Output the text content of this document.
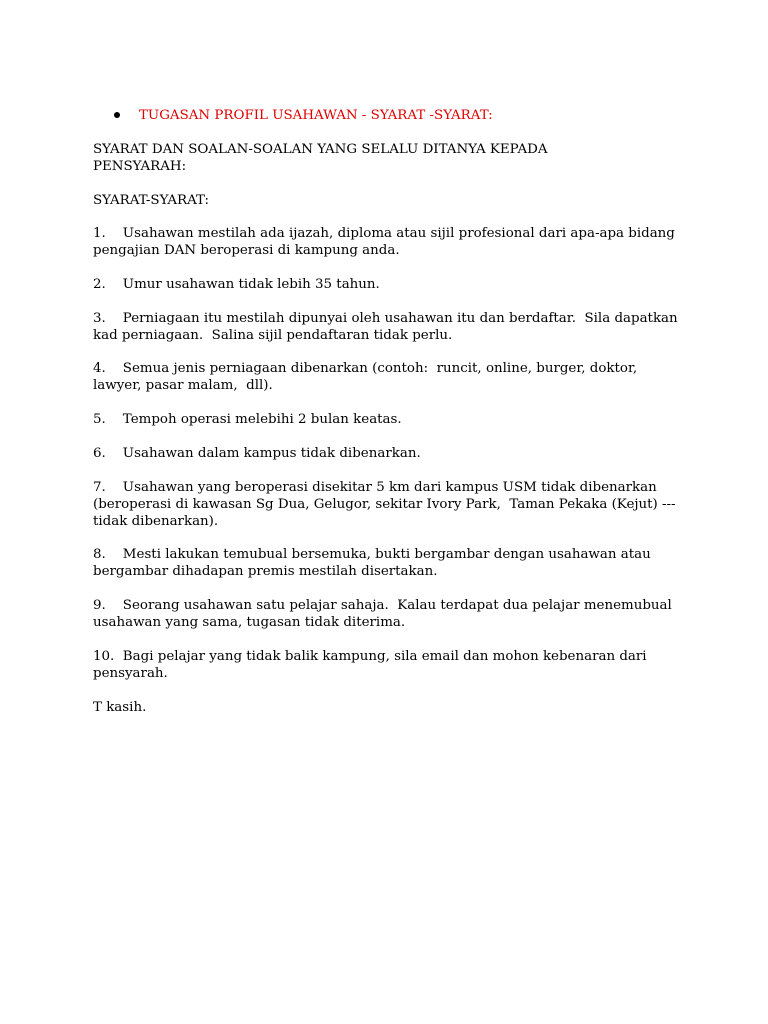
TUGASAN PROFIL USAHAWAN - SYARAT -SYARAT:
SYARAT DAN SOALAN-SOALAN YANG SELALU DITANYA KEPADA
PENSYARAH:
SYARAT-SYARAT:
1.    Usahawan mestilah ada ijazah, diploma atau sijil profesional dari apa-apa bidang
pengajian DAN beroperasi di kampung anda.
2.    Umur usahawan tidak lebih 35 tahun.
3.    Perniagaan itu mestilah dipunyai oleh usahawan itu dan berdaftar.  Sila dapatkan
kad perniagaan.  Salina sijil pendaftaran tidak perlu.
4.    Semua jenis perniagaan dibenarkan (contoh:  runcit, online, burger, doktor,
lawyer, pasar malam,  dll).
5.    Tempoh operasi melebihi 2 bulan keatas.
6.    Usahawan dalam kampus tidak dibenarkan.
7.    Usahawan yang beroperasi disekitar 5 km dari kampus USM tidak dibenarkan
(beroperasi di kawasan Sg Dua, Gelugor, sekitar Ivory Park,  Taman Pekaka (Kejut) ---
tidak dibenarkan).
8.    Mesti lakukan temubual bersemuka, bukti bergambar dengan usahawan atau
bergambar dihadapan premis mestilah disertakan.
9.    Seorang usahawan satu pelajar sahaja.  Kalau terdapat dua pelajar menemubual
usahawan yang sama, tugasan tidak diterima.
10.  Bagi pelajar yang tidak balik kampung, sila email dan mohon kebenaran dari
pensyarah.
T kasih.
